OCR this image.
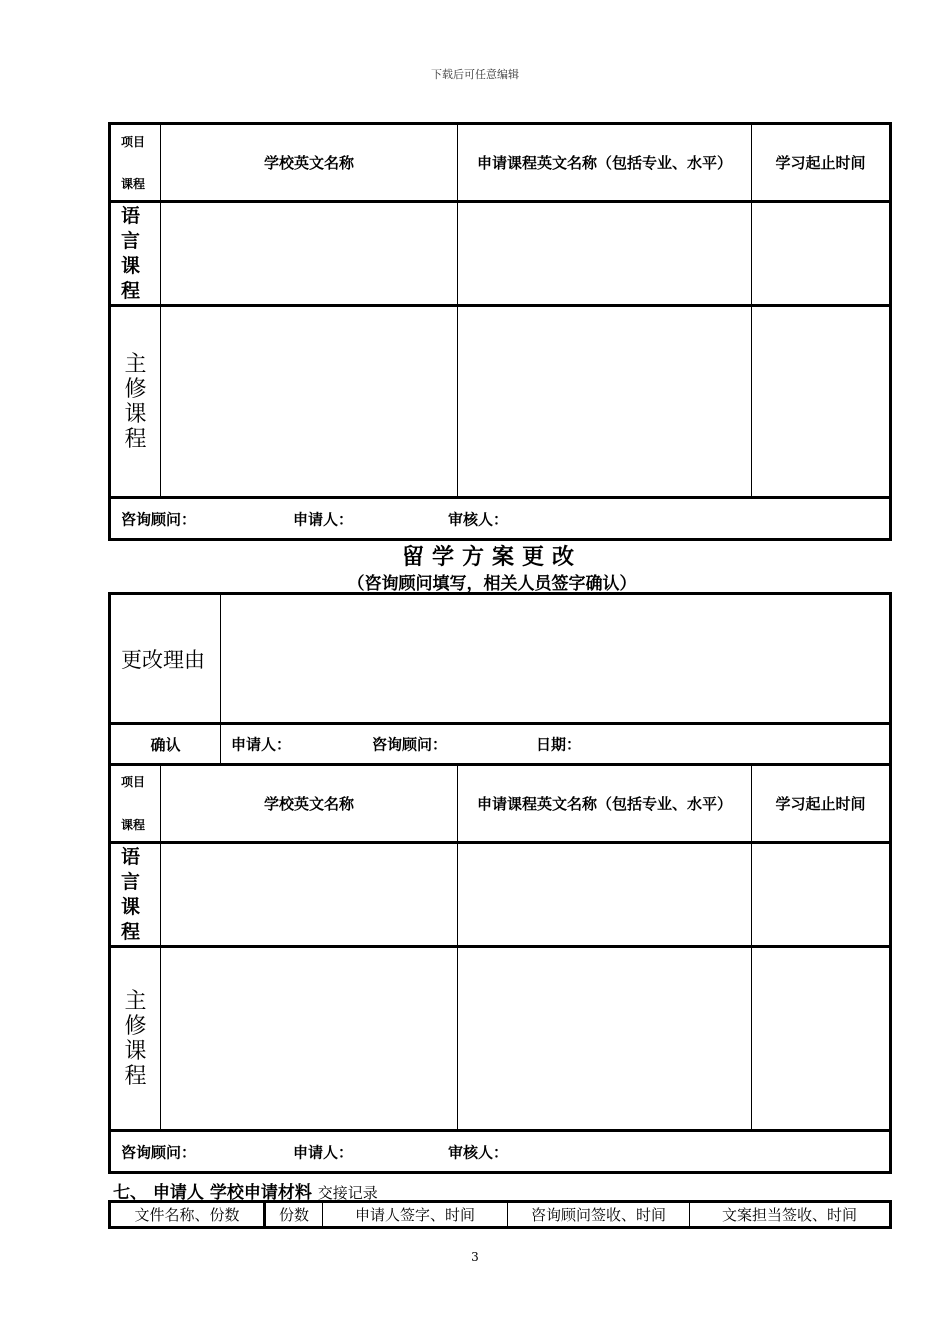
下载后可任意编辑
项目
课程	学校英文名称	申请课程英文名称（包括专业、水平）	学习起止时间

语言课程			

主修课程			

咨询顾问： 申请人： 审核人：			
留学方案更改
（咨询顾问填写，相关人员签字确认）
更改理由	
确认	申请人： 咨询顾问： 日期：
项目
课程	学校英文名称	申请课程英文名称（包括专业、水平）	学习起止时间

语言课程			

主修课程			

咨询顾问： 申请人： 审核人：			
七、 申请人 学校申请材料 交接记录
文件名称、份数	份数	申请人签字、时间	咨询顾问签收、时间	文案担当签收、时间
3
